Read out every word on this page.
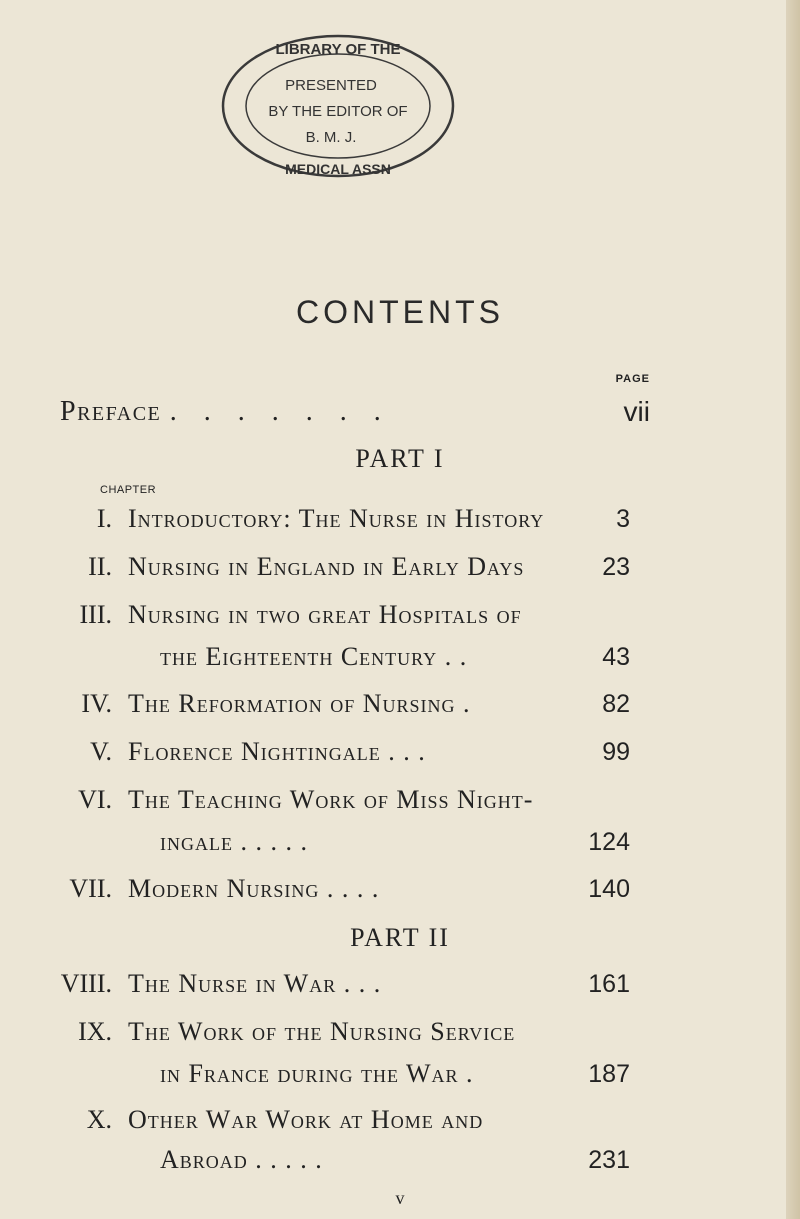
LIBRARY OF THE
PRESENTED
BY THE EDITOR OF
B. M. J.
MEDICAL ASSN
CONTENTS
PAGE
Preface .   .   .   .   .   .   .	vii
PART I
CHAPTER
I. Introductory: The Nurse in History	3
II. Nursing in England in Early Days	23
III. Nursing in two great Hospitals of
the Eighteenth Century . .	43
IV. The Reformation of Nursing .	82
V. Florence Nightingale . . .	99
VI. The Teaching Work of Miss Night-
ingale . . . . .	124
VII. Modern Nursing . . . .	140
PART II
VIII. The Nurse in War . . .	161
IX. The Work of the Nursing Service
in France during the War .	187
X. Other War Work at Home and
Abroad . . . . .	231
v
